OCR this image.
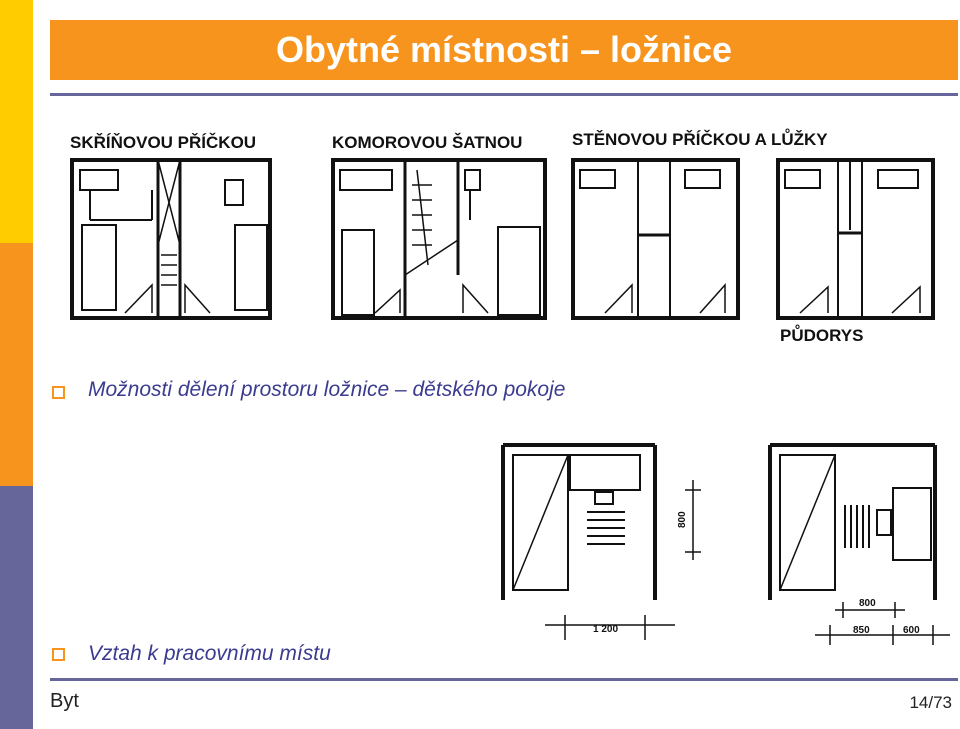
Obytné místnosti – ložnice
SKŘÍŇOVOU PŘÍČKOU	KOMOROVOU ŠATNOU	STĚNOVOU PŘÍČKOU A LŮŽKY
PŮDORYS
Možnosti dělení prostoru ložnice – dětského pokoje
800
1 200
800
850	600
Vztah k pracovnímu místu
Byt	14/73
